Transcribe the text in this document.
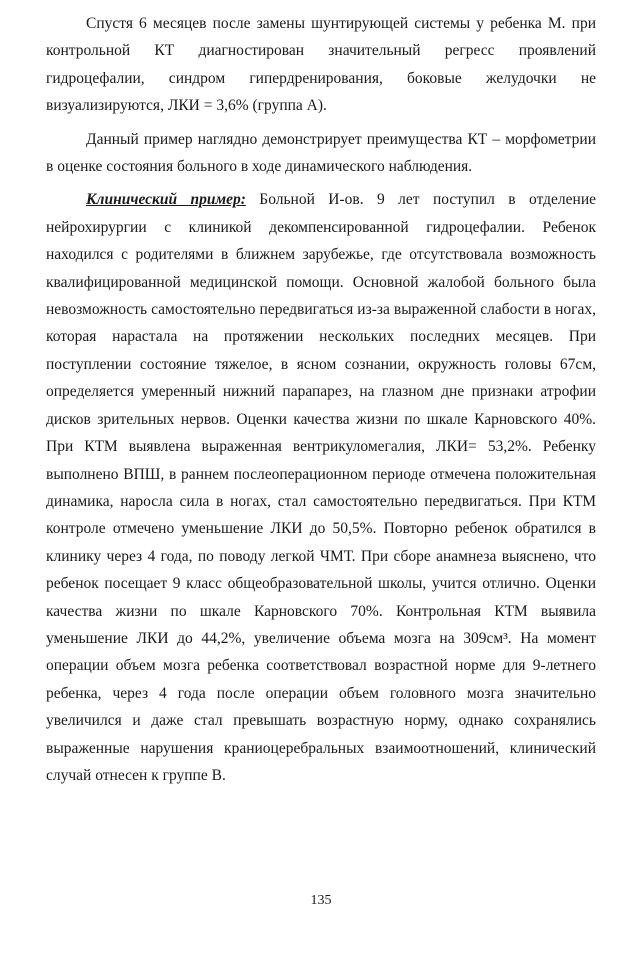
Спустя 6 месяцев после замены шунтирующей системы у ребенка М. при контрольной КТ диагностирован значительный регресс проявлений гидроцефалии, синдром гипердренирования, боковые желудочки не визуализируются, ЛКИ = 3,6% (группа А).

Данный пример наглядно демонстрирует преимущества КТ – морфометрии в оценке состояния больного в ходе динамического наблюдения.

Клинический пример: Больной И-ов. 9 лет поступил в отделение нейрохирургии с клиникой декомпенсированной гидроцефалии. Ребенок находился с родителями в ближнем зарубежье, где отсутствовала возможность квалифицированной медицинской помощи. Основной жалобой больного была невозможность самостоятельно передвигаться из-за выраженной слабости в ногах, которая нарастала на протяжении нескольких последних месяцев. При поступлении состояние тяжелое, в ясном сознании, окружность головы 67см, определяется умеренный нижний парапарез, на глазном дне признаки атрофии дисков зрительных нервов. Оценки качества жизни по шкале Карновского 40%. При КТМ выявлена выраженная вентрикуломегалия, ЛКИ= 53,2%. Ребенку выполнено ВПШ, в раннем послеоперационном периоде отмечена положительная динамика, наросла сила в ногах, стал самостоятельно передвигаться. При КТМ контроле отмечено уменьшение ЛКИ до 50,5%. Повторно ребенок обратился в клинику через 4 года, по поводу легкой ЧМТ. При сборе анамнеза выяснено, что ребенок посещает 9 класс общеобразовательной школы, учится отлично. Оценки качества жизни по шкале Карновского 70%. Контрольная КТМ выявила уменьшение ЛКИ до 44,2%, увеличение объема мозга на 309см³. На момент операции объем мозга ребенка соответствовал возрастной норме для 9-летнего ребенка, через 4 года после операции объем головного мозга значительно увеличился и даже стал превышать возрастную норму, однако сохранялись выраженные нарушения краниоцеребральных взаимоотношений, клинический случай отнесен к группе В.

135
